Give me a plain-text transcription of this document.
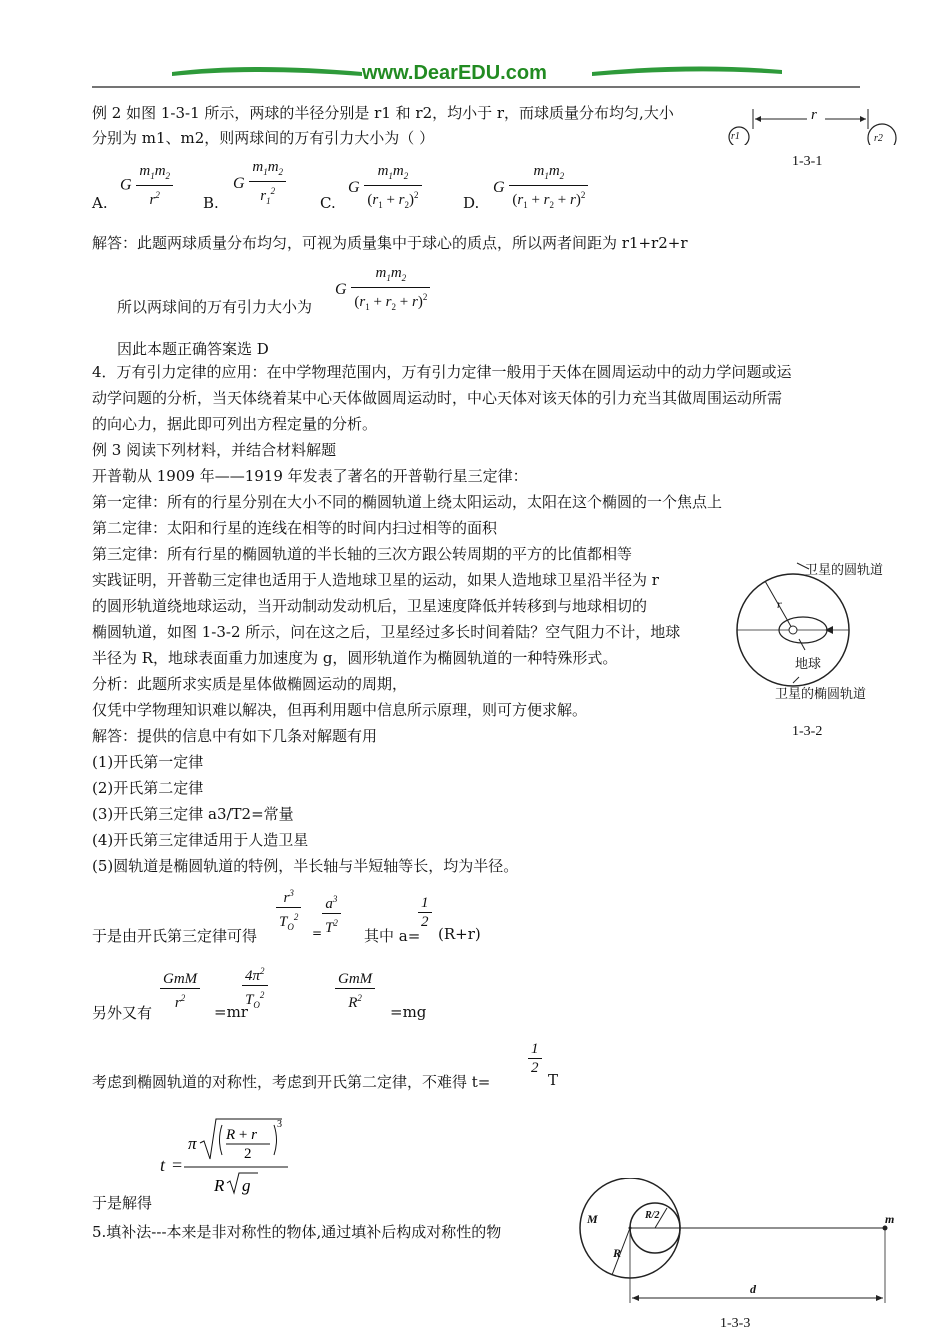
www.DearEDU.com
例 2 如图 1-3-1 所示，两球的半径分别是 r1 和 r2，均小于 r，而球质量分布均匀,大小
分别为 m1、m2，则两球间的万有引力大小为（ ）
r
r1	r2
1-3-1
A.
G $\frac{m_1m_2}{r^2} B$.
G $\frac{m_1m_2}{r_1^2} C$.
G $\frac{m_1m_2}{(r_1 + r_2)^2}$	D.
G $\frac{m_1m_2}{(r_1 + r_2 + r)^2}$
解答：此题两球质量分布均匀，可视为质量集中于球心的质点，所以两者间距为 r1+r2+r
G $\frac{m_1m_2}{(r_1 + r_2 + r)^2}$
所以两球间的万有引力大小为
因此本题正确答案选 D
4．万有引力定律的应用：在中学物理范围内，万有引力定律一般用于天体在圆周运动中的动力学问题或运
动学问题的分析，当天体绕着某中心天体做圆周运动时，中心天体对该天体的引力充当其做周围运动所需
的向心力，据此即可列出方程定量的分析。
例 3 阅读下列材料，并结合材料解题
开普勒从 1909 年——1919 年发表了著名的开普勒行星三定律：
第一定律：所有的行星分别在大小不同的椭圆轨道上绕太阳运动，太阳在这个椭圆的一个焦点上
第二定律：太阳和行星的连线在相等的时间内扫过相等的面积
第三定律：所有行星的椭圆轨道的半长轴的三次方跟公转周期的平方的比值都相等
实践证明，开普勒三定律也适用于人造地球卫星的运动，如果人造地球卫星沿半径为 r
的圆形轨道绕地球运动，当开动制动发动机后，卫星速度降低并转移到与地球相切的
椭圆轨道，如图 1-3-2 所示，问在这之后，卫星经过多长时间着陆？空气阻力不计，地球
半径为 R，地球表面重力加速度为 g，圆形轨道作为椭圆轨道的一种特殊形式。
分析：此题所求实质是星体做椭圆运动的周期，
仅凭中学物理知识难以解决，但再利用题中信息所示原理，则可方便求解。
解答：提供的信息中有如下几条对解题有用
(1)开氏第一定律
(2)开氏第二定律
(3)开氏第三定律 a3/T2=常量
(4)开氏第三定律适用于人造卫星
(5)圆轨道是椭圆轨道的特例，半长轴与半短轴等长，均为半径。
卫星的圆轨道
r
地球
卫星的椭圆轨道
1-3-2
于是由开氏第三定律可得 $\frac{r^3}{T_O^2} = \frac{a^3}{T^2}$ 其中 a=
$\frac{1}{2}$
(R+r)
另外又有
$\frac{\text{GmM}}{r^2} =mr$
$\frac{4\pi^2}{T_O^2}$	$\frac{\text{GmM}}{R^2} =mg$
考虑到椭圆轨道的对称性，考虑到开氏第二定律，不难得 t=
$\frac{1}{2}$
T
于是解得
t =
π R + r
2
3
R g
5.填补法---本来是非对称性的物体,通过填补后构成对称性的物
M
R
R/2	m
d
1-3-3
